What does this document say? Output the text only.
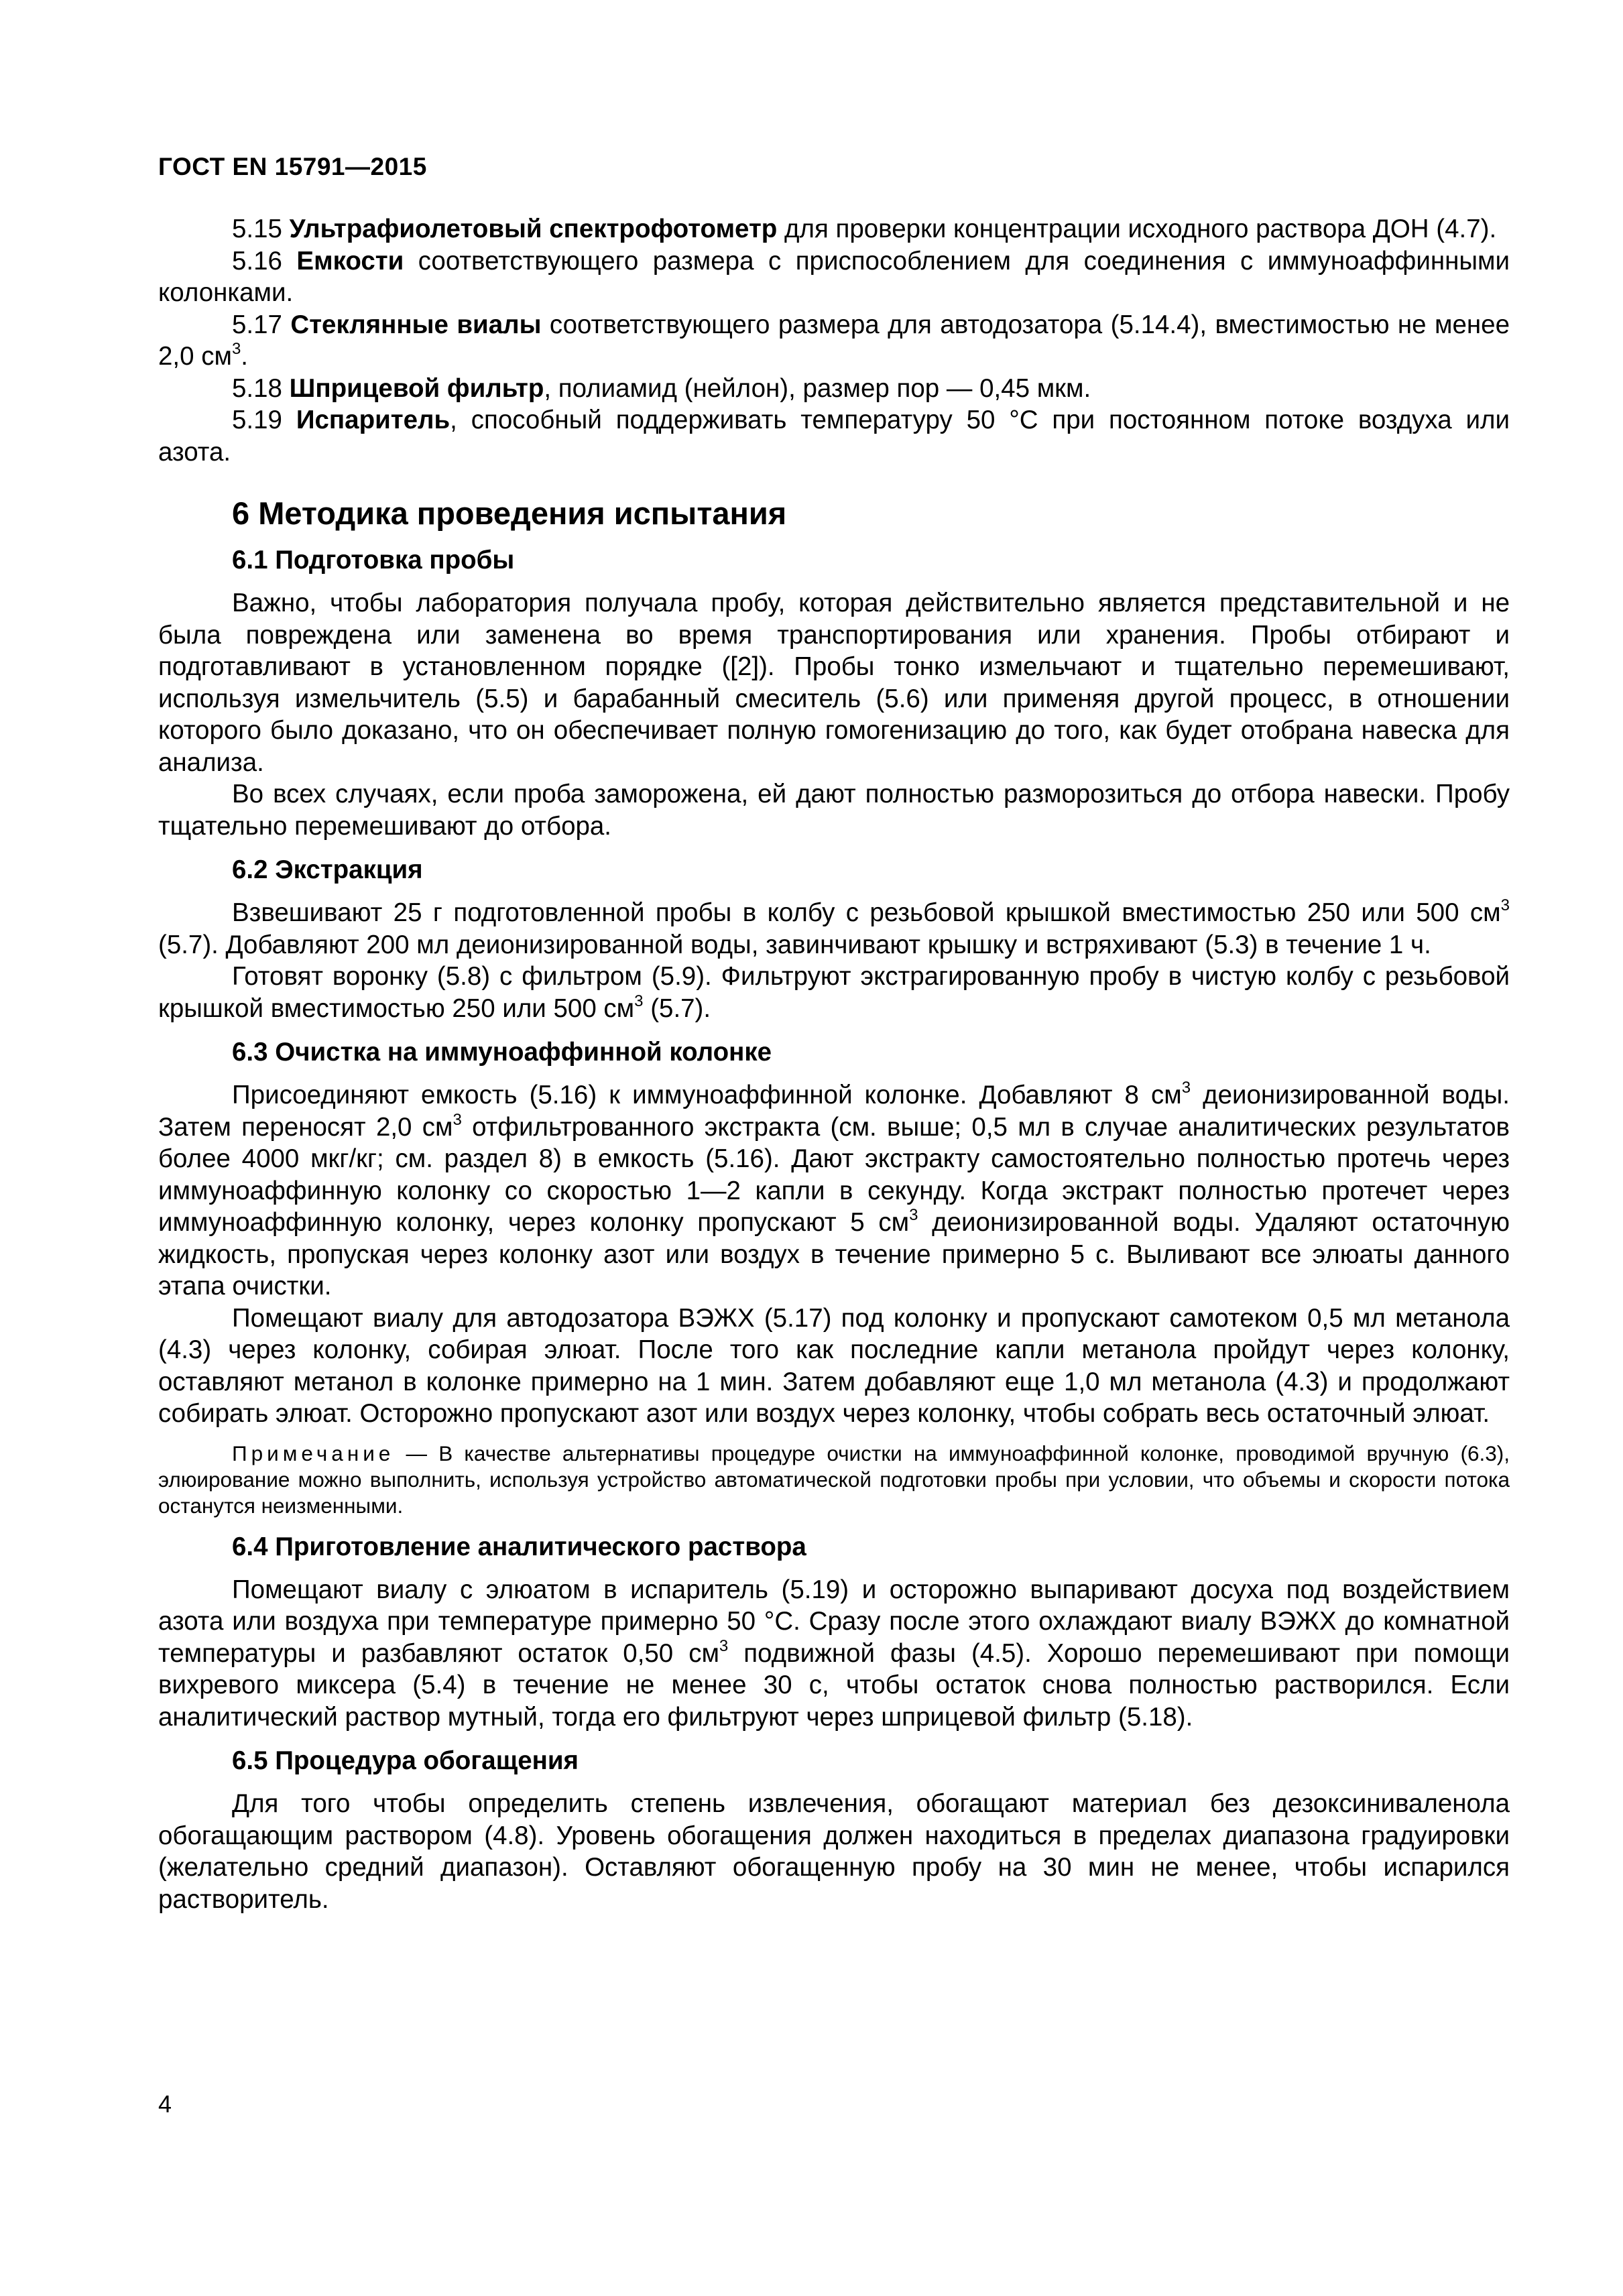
ГОСТ EN 15791—2015

5.15 Ультрафиолетовый спектрофотометр для проверки концентрации исходного раствора ДОН (4.7).

5.16 Емкости соответствующего размера с приспособлением для соединения с иммуноаффинными колонками.

5.17 Стеклянные виалы соответствующего размера для автодозатора (5.14.4), вместимостью не менее 2,0 $см^3$.

5.18 Шприцевой фильтр, полиамид (нейлон), размер пор — 0,45 мкм.

5.19 Испаритель, способный поддерживать температуру 50 °С при постоянном потоке воздуха или азота.

6 Методика проведения испытания
6.1 Подготовка пробы

Важно, чтобы лаборатория получала пробу, которая действительно является представительной и не была повреждена или заменена во время транспортирования или хранения. Пробы отбирают и подготавливают в установленном порядке ([2]). Пробы тонко измельчают и тщательно перемешивают, используя измельчитель (5.5) и барабанный смеситель (5.6) или применяя другой процесс, в отношении которого было доказано, что он обеспечивает полную гомогенизацию до того, как будет отобрана навеска для анализа.

Во всех случаях, если проба заморожена, ей дают полностью разморозиться до отбора навески. Пробу тщательно перемешивают до отбора.

6.2 Экстракция

Взвешивают 25 г подготовленной пробы в колбу с резьбовой крышкой вместимостью 250 или 500 $см^3$ (5.7). Добавляют 200 мл деионизированной воды, завинчивают крышку и встряхивают (5.3) в течение 1 ч.

Готовят воронку (5.8) с фильтром (5.9). Фильтруют экстрагированную пробу в чистую колбу с резьбовой крышкой вместимостью 250 или 500 $см^3$ (5.7).

6.3 Очистка на иммуноаффинной колонке

Присоединяют емкость (5.16) к иммуноаффинной колонке. Добавляют 8 $см^3$ деионизированной воды. Затем переносят 2,0 $см^3$ отфильтрованного экстракта (см. выше; 0,5 мл в случае аналитических результатов более 4000 мкг/кг; см. раздел 8) в емкость (5.16). Дают экстракту самостоятельно полностью протечь через иммуноаффинную колонку со скоростью 1—2 капли в секунду. Когда экстракт полностью протечет через иммуноаффинную колонку, через колонку пропускают 5 $см^3$ деионизированной воды. Удаляют остаточную жидкость, пропуская через колонку азот или воздух в течение примерно 5 с. Выливают все элюаты данного этапа очистки.

Помещают виалу для автодозатора ВЭЖХ (5.17) под колонку и пропускают самотеком 0,5 мл метанола (4.3) через колонку, собирая элюат. После того как последние капли метанола пройдут через колонку, оставляют метанол в колонке примерно на 1 мин. Затем добавляют еще 1,0 мл метанола (4.3) и продолжают собирать элюат. Осторожно пропускают азот или воздух через колонку, чтобы собрать весь остаточный элюат.

Примечание — В качестве альтернативы процедуре очистки на иммуноаффинной колонке, проводимой вручную (6.3), элюирование можно выполнить, используя устройство автоматической подготовки пробы при условии, что объемы и скорости потока останутся неизменными.

6.4 Приготовление аналитического раствора

Помещают виалу с элюатом в испаритель (5.19) и осторожно выпаривают досуха под воздействием азота или воздуха при температуре примерно 50 °С. Сразу после этого охлаждают виалу ВЭЖХ до комнатной температуры и разбавляют остаток 0,50 $см^3$ подвижной фазы (4.5). Хорошо перемешивают при помощи вихревого миксера (5.4) в течение не менее 30 с, чтобы остаток снова полностью растворился. Если аналитический раствор мутный, тогда его фильтруют через шприцевой фильтр (5.18).

6.5 Процедура обогащения

Для того чтобы определить степень извлечения, обогащают материал без дезоксиниваленола обогащающим раствором (4.8). Уровень обогащения должен находиться в пределах диапазона градуировки (желательно средний диапазон). Оставляют обогащенную пробу на 30 мин не менее, чтобы испарился растворитель.

4
